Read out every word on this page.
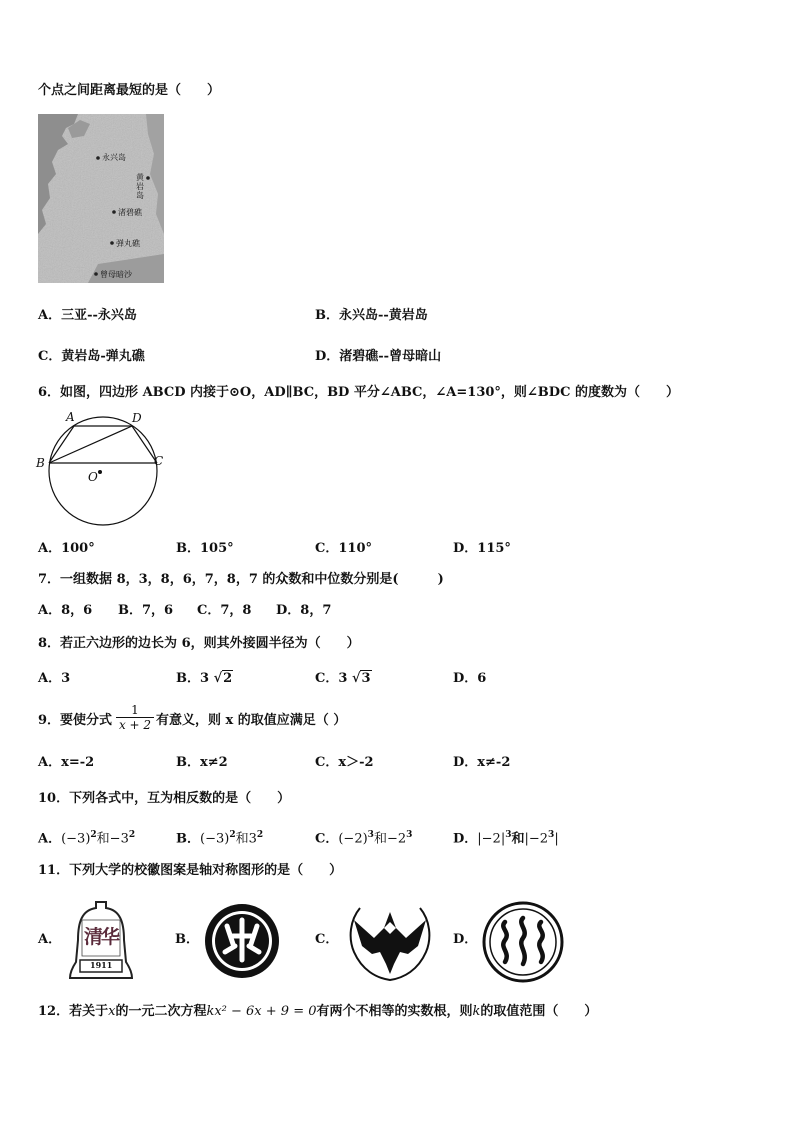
个点之间距离最短的是（　　）
永兴岛
黄岩岛
渚碧礁
弹丸礁
曾母暗沙
A．三亚--永兴岛	B．永兴岛--黄岩岛
C．黄岩岛-弹丸礁	D．渚碧礁--曾母暗山
6．如图，四边形 ABCD 内接于⊙O，AD∥BC，BD 平分∠ABC，∠A=130°，则∠BDC 的度数为（　　）
A	D
B	C
O
A．100°	B．105°	C．110°	D．115°
7．一组数据 8，3，8，6，7，8，7 的众数和中位数分别是(　　　)
A．8，6 B．7，6 C．7，8 D．8，7
8．若正六边形的边长为 6，则其外接圆半径为（　　）
A．3	B．3 √2	C．3 √3	D．6
9．要使分式 $\frac{1}{x + 2}$ 有意义，则 x 的取值应满足（ ）
A．x=-2	B．x≠2	C．x＞-2	D．x≠-2
10．下列各式中，互为相反数的是（　　）
A．$(-3)^2$和$-3^2$	B．$(-3)^2$和$3^2$	C．$(-2)^3$和$-2^3$	D．$|-2|^3$和$|-2^3|$
11．下列大学的校徽图案是轴对称图形的是（　　）
A． 清华
1911
B．	C．	D．
12．若关于x的一元二次方程kx² − 6x + 9 = 0有两个不相等的实数根，则k的取值范围（　　）
